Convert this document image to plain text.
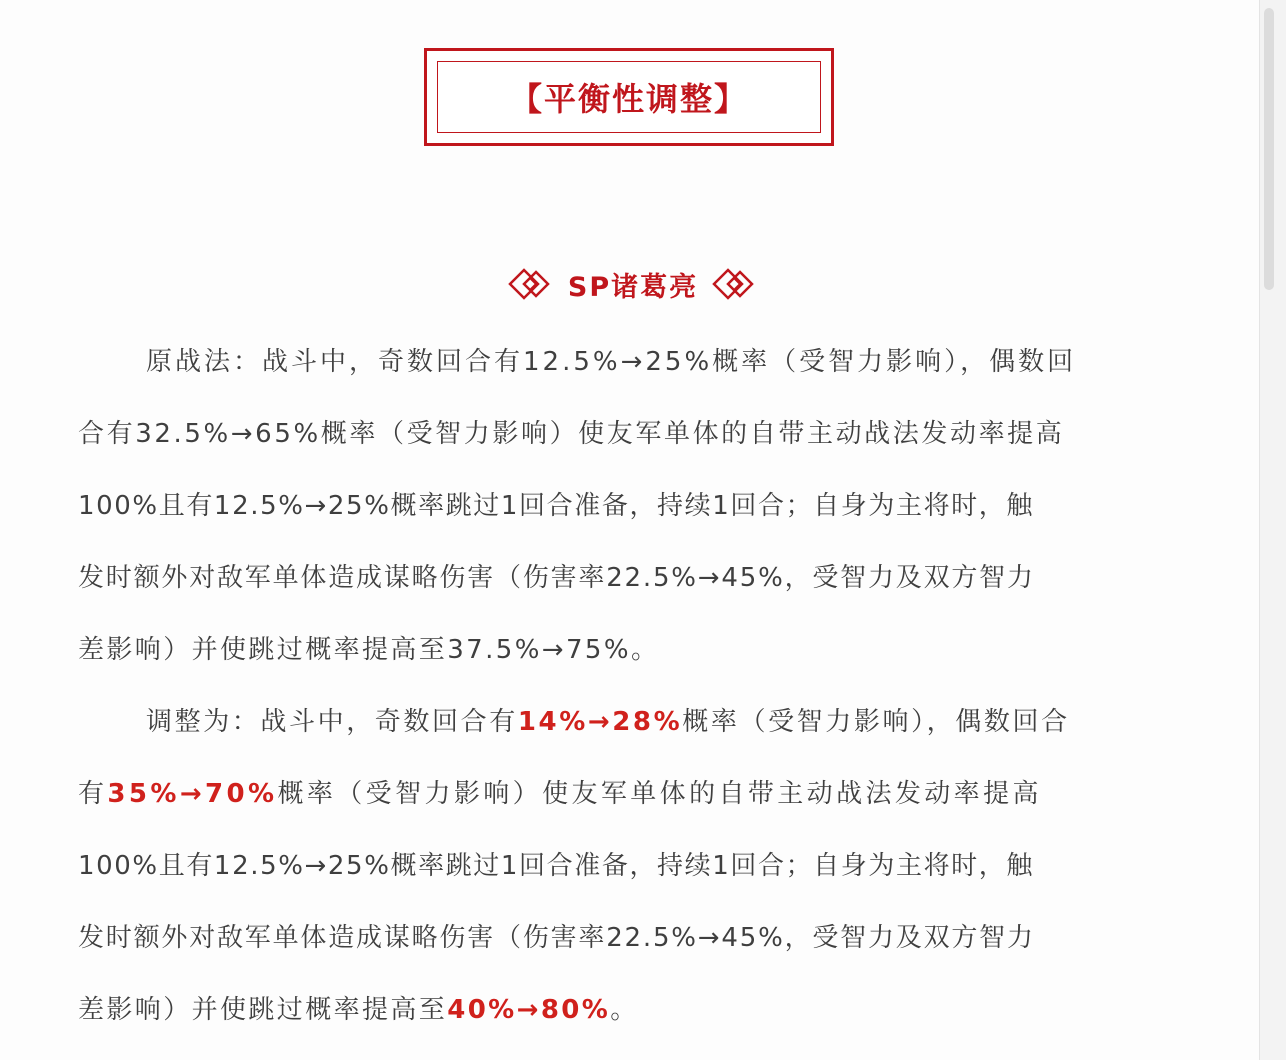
【平衡性调整】
SP诸葛亮
原战法：战斗中，奇数回合有12.5%→25%概率（受智力影响），偶数回
合有32.5%→65%概率（受智力影响）使友军单体的自带主动战法发动率提高
100%且有12.5%→25%概率跳过1回合准备，持续1回合；自身为主将时，触
发时额外对敌军单体造成谋略伤害（伤害率22.5%→45%，受智力及双方智力
差影响）并使跳过概率提高至37.5%→75%。
调整为：战斗中，奇数回合有 14%→28% 概率（受智力影响），偶数回合
有 35%→70% 概率（受智力影响）使友军单体的自带主动战法发动率提高
100%且有12.5%→25%概率跳过1回合准备，持续1回合；自身为主将时，触
发时额外对敌军单体造成谋略伤害（伤害率22.5%→45%，受智力及双方智力
差影响）并使跳过概率提高至 40%→80% 。
